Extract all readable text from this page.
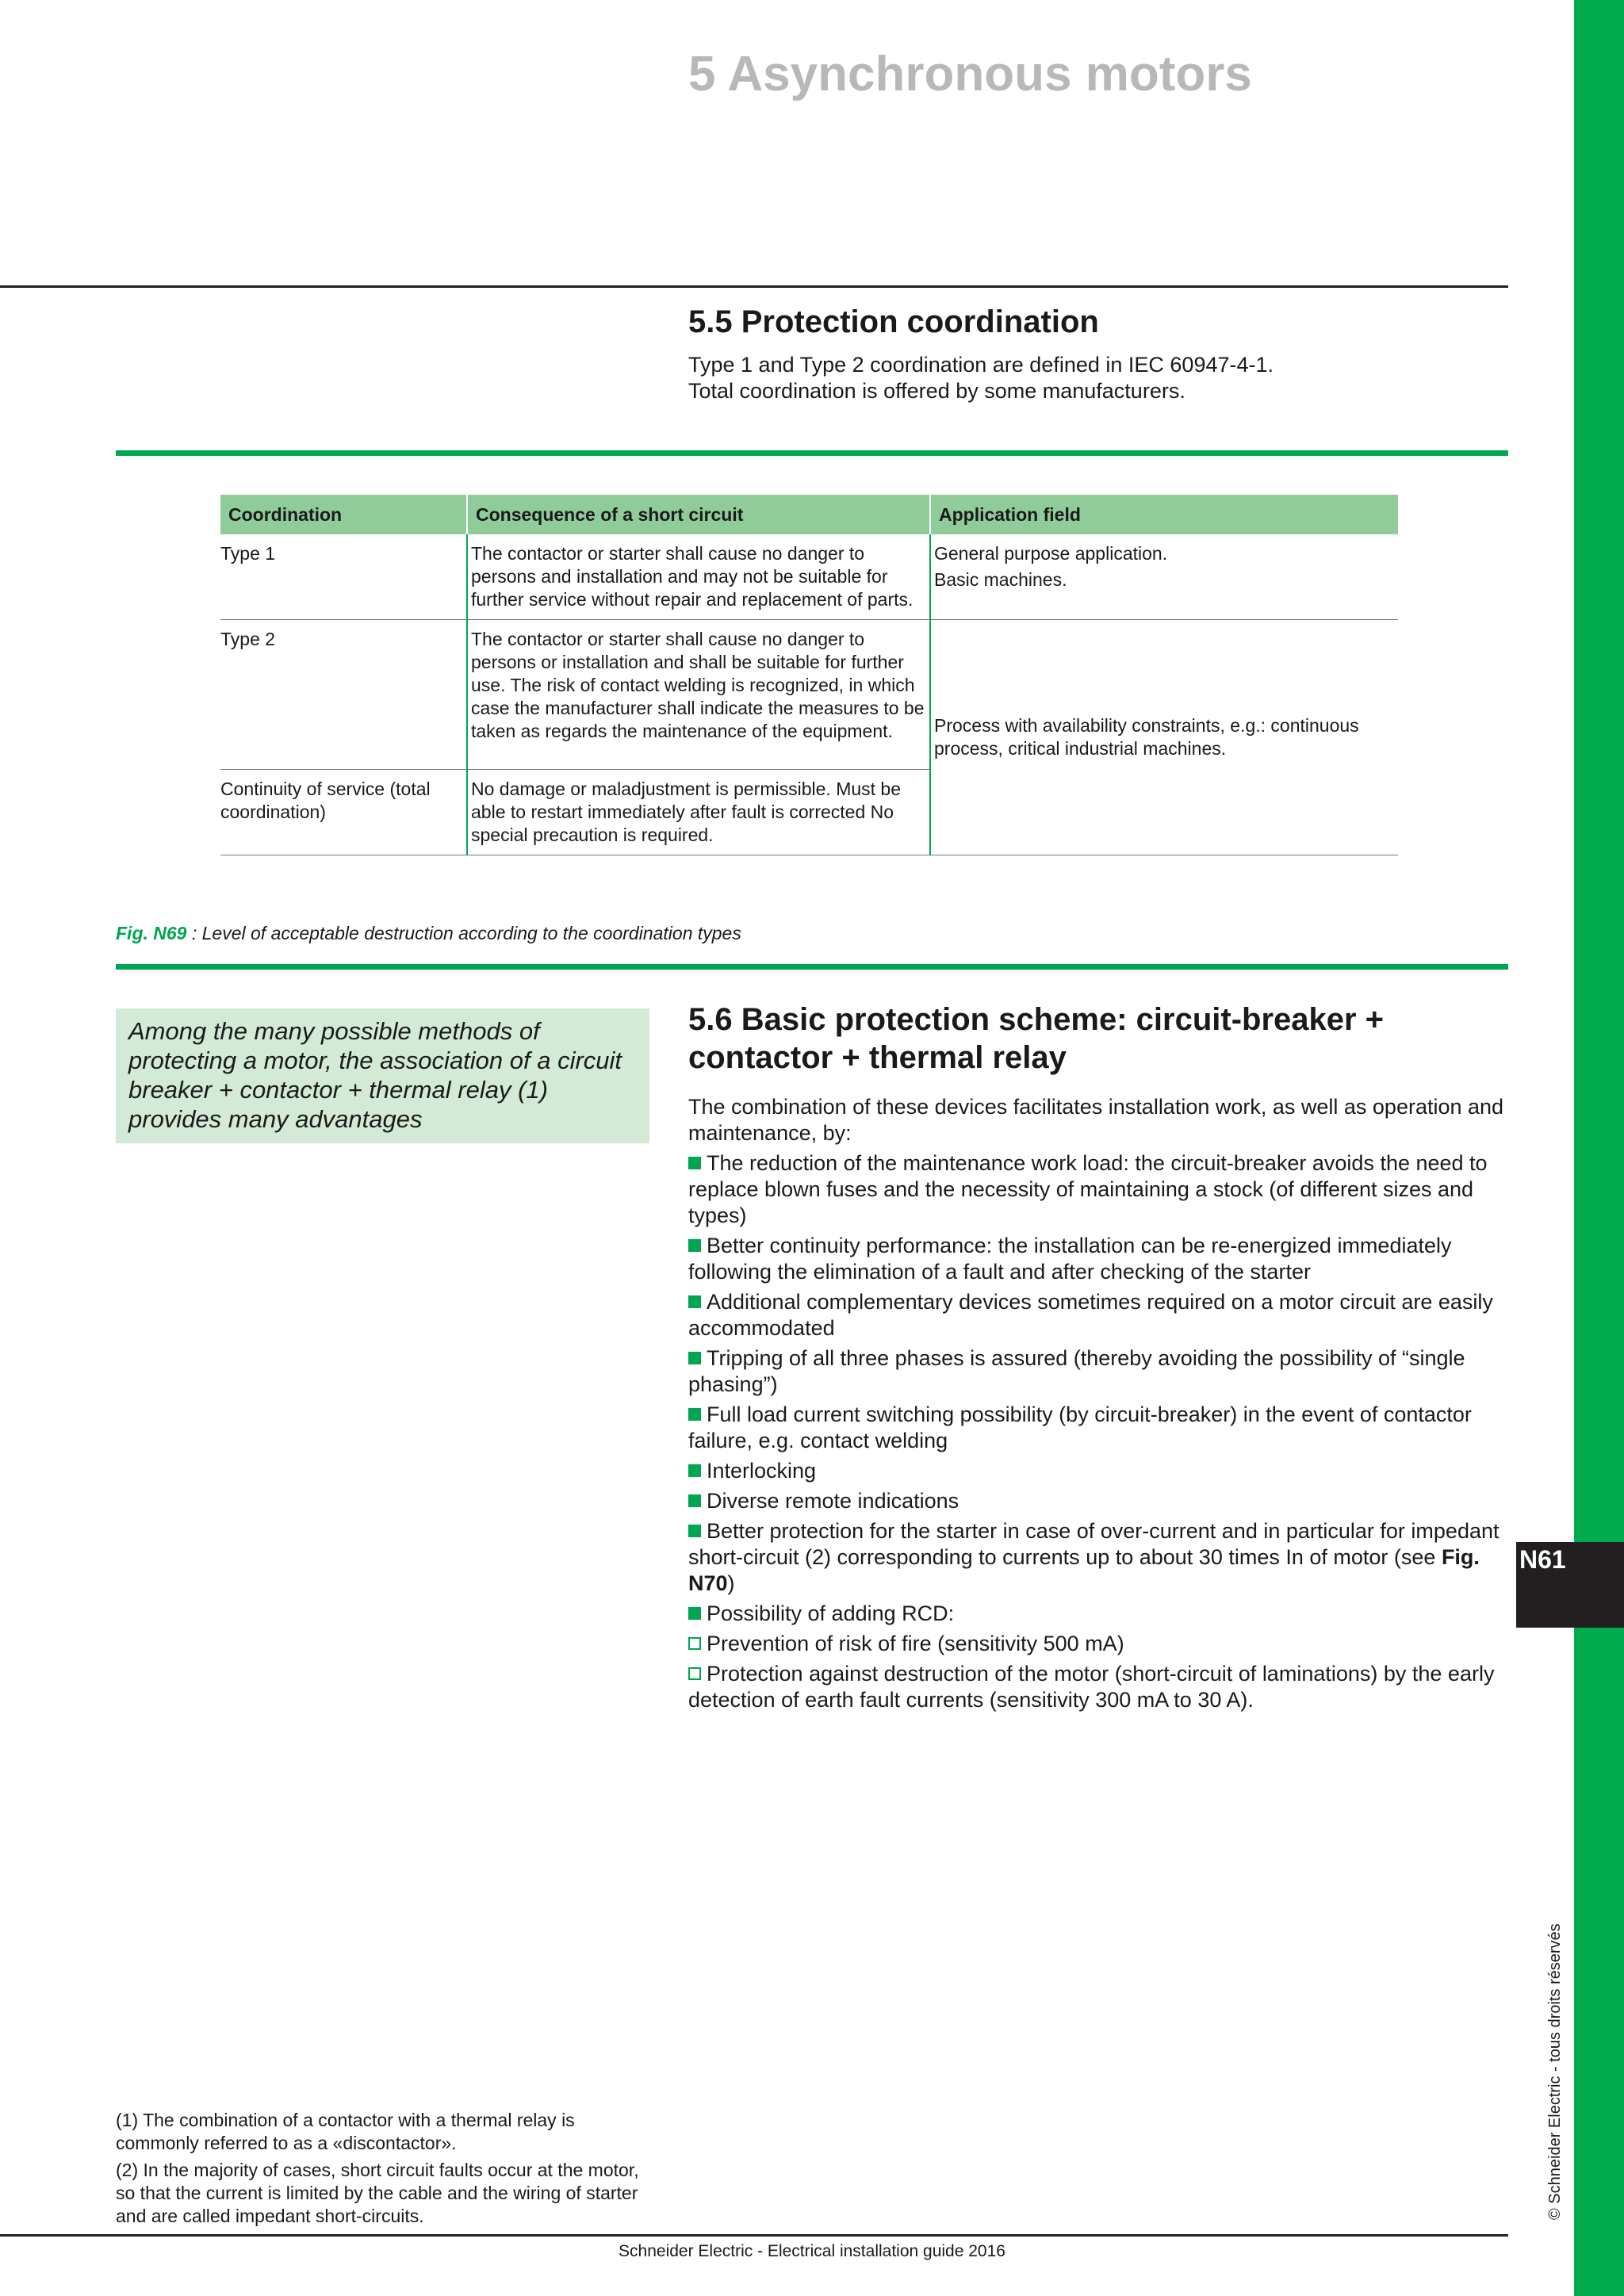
N61
© Schneider Electric - tous droits réservés
5 Asynchronous motors
5.5 Protection coordination

Type 1 and Type 2 coordination are defined in IEC 60947-4-1.

Total coordination is offered by some manufacturers.

Coordination	Consequence of a short circuit	Application field
Type 1	The contactor or starter shall cause no danger to persons and installation and may not be suitable for further service without repair and replacement of parts.	General purpose application.

Basic machines.

Type 2	The contactor or starter shall cause no danger to persons or installation and shall be suitable for further use. The risk of contact welding is recognized, in which case the manufacturer shall indicate the measures to be taken as regards the maintenance of the equipment.	Process with availability constraints, e.g.: continuous process, critical industrial machines.
Continuity of service (total coordination)	No damage or maladjustment is permissible. Must be able to restart immediately after fault is corrected No special precaution is required.	
Fig. N69 : Level of acceptable destruction according to the coordination types
Among the many possible methods of protecting a motor, the association of a circuit breaker + contactor + thermal relay (1) provides many advantages
5.6 Basic protection scheme: circuit-breaker + contactor + thermal relay

The combination of these devices facilitates installation work, as well as operation and maintenance, by:

The reduction of the maintenance work load: the circuit-breaker avoids the need to replace blown fuses and the necessity of maintaining a stock (of different sizes and types)
Better continuity performance: the installation can be re-energized immediately following the elimination of a fault and after checking of the starter
Additional complementary devices sometimes required on a motor circuit are easily accommodated
Tripping of all three phases is assured (thereby avoiding the possibility of “single phasing”)
Full load current switching possibility (by circuit-breaker) in the event of contactor failure, e.g. contact welding
Interlocking
Diverse remote indications
Better protection for the starter in case of over-current and in particular for impedant short-circuit (2) corresponding to currents up to about 30 times In of motor (see Fig. N70)
Possibility of adding RCD:
Prevention of risk of fire (sensitivity 500 mA)
Protection against destruction of the motor (short-circuit of laminations) by the early detection of earth fault currents (sensitivity 300 mA to 30 A).

(1) The combination of a contactor with a thermal relay is commonly referred to as a «discontactor».

(2) In the majority of cases, short circuit faults occur at the motor, so that the current is limited by the cable and the wiring of starter and are called impedant short-circuits.

Schneider Electric - Electrical installation guide 2016
